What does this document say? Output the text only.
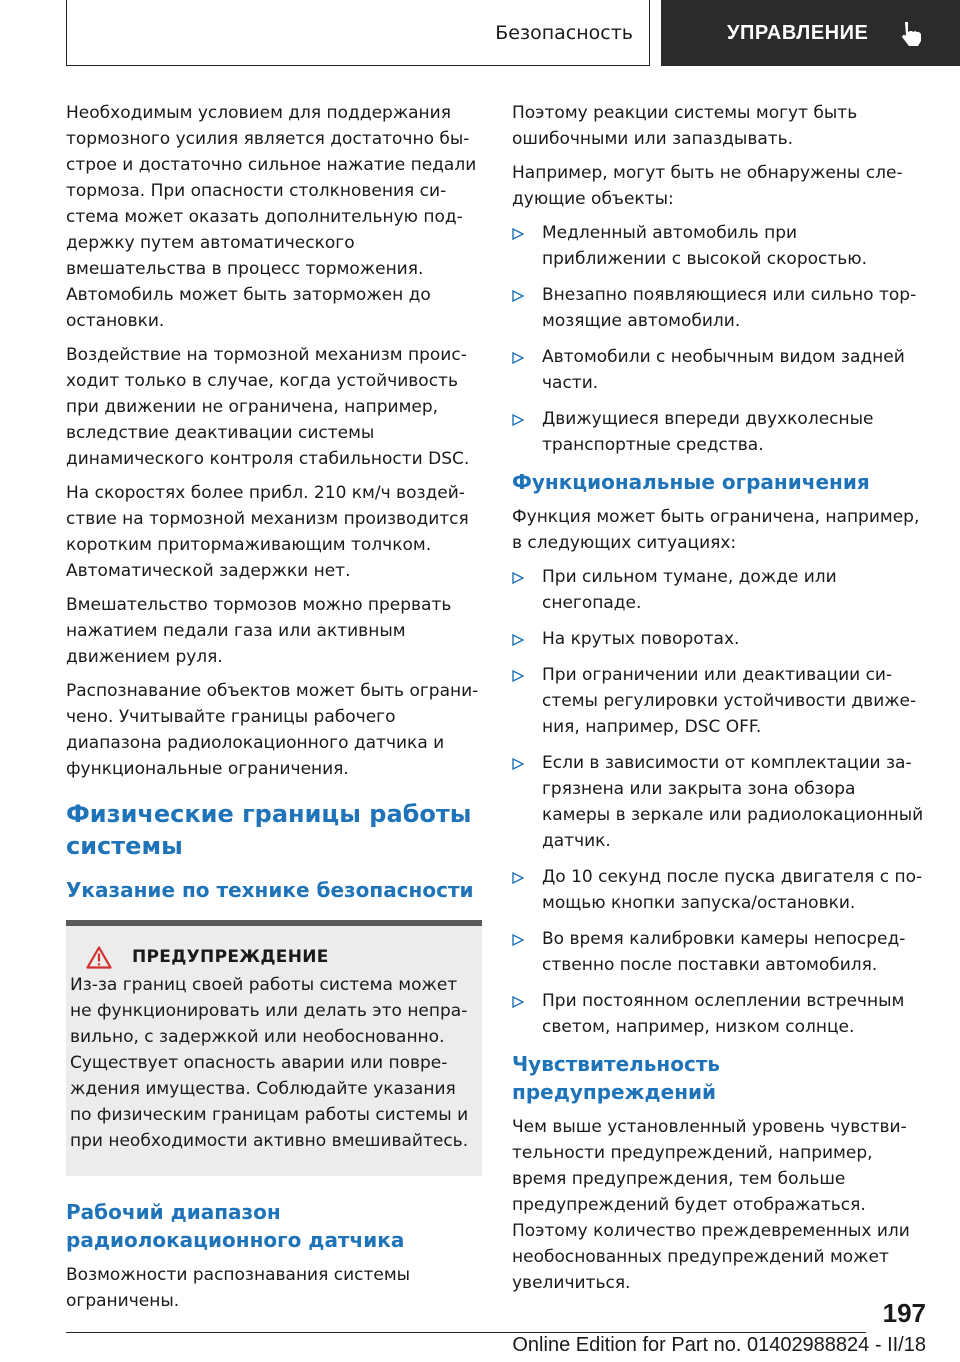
Безопасность	УПРАВЛЕНИЕ

Необходимым условием для поддержания тормозного усилия является достаточно быстрое и достаточно сильное нажатие педали тормоза. При опасности столкновения система может оказать дополнительную поддержку путем автоматического вмешательства в процесс торможения. Автомобиль может быть заторможен до остановки.

Воздействие на тормозной механизм происходит только в случае, когда устойчивость при движении не ограничена, например, вследствие деактивации системы динамического контроля стабильности DSC.

На скоростях более прибл. 210 км/ч воздействие на тормозной механизм производится коротким притормаживающим толчком. Автоматической задержки нет.

Вмешательство тормозов можно прервать нажатием педали газа или активным движением руля.

Распознавание объектов может быть ограничено. Учитывайте границы рабочего диапазона радиолокационного датчика и функциональные ограничения.

Физические границы работы системы
Указание по технике безопасности
ПРЕДУПРЕЖДЕНИЕ

Из-за границ своей работы система может не функционировать или делать это неправильно, с задержкой или необоснованно. Существует опасность аварии или повреждения имущества. Соблюдайте указания по физическим границам работы системы и при необходимости активно вмешивайтесь.

Рабочий диапазон радиолокационного датчика

Возможности распознавания системы ограничены.

Поэтому реакции системы могут быть ошибочными или запаздывать.

Например, могут быть не обнаружены следующие объекты:

Медленный автомобиль при приближении с высокой скоростью.
Внезапно появляющиеся или сильно тормозящие автомобили.
Автомобили с необычным видом задней части.
Движущиеся впереди двухколесные транспортные средства.
Функциональные ограничения

Функция может быть ограничена, например, в следующих ситуациях:

При сильном тумане, дожде или снегопаде.
На крутых поворотах.
При ограничении или деактивации системы регулировки устойчивости движения, например, DSC OFF.
Если в зависимости от комплектации загрязнена или закрыта зона обзора камеры в зеркале или радиолокационный датчик.
До 10 секунд после пуска двигателя с помощью кнопки запуска/остановки.
Во время калибровки камеры непосредственно после поставки автомобиля.
При постоянном ослеплении встречным светом, например, низком солнце.
Чувствительность предупреждений

Чем выше установленный уровень чувствительности предупреждений, например, время предупреждения, тем больше предупреждений будет отображаться. Поэтому количество преждевременных или необоснованных предупреждений может увеличиться.

197
Online Edition for Part no. 01402988824 - II/18
